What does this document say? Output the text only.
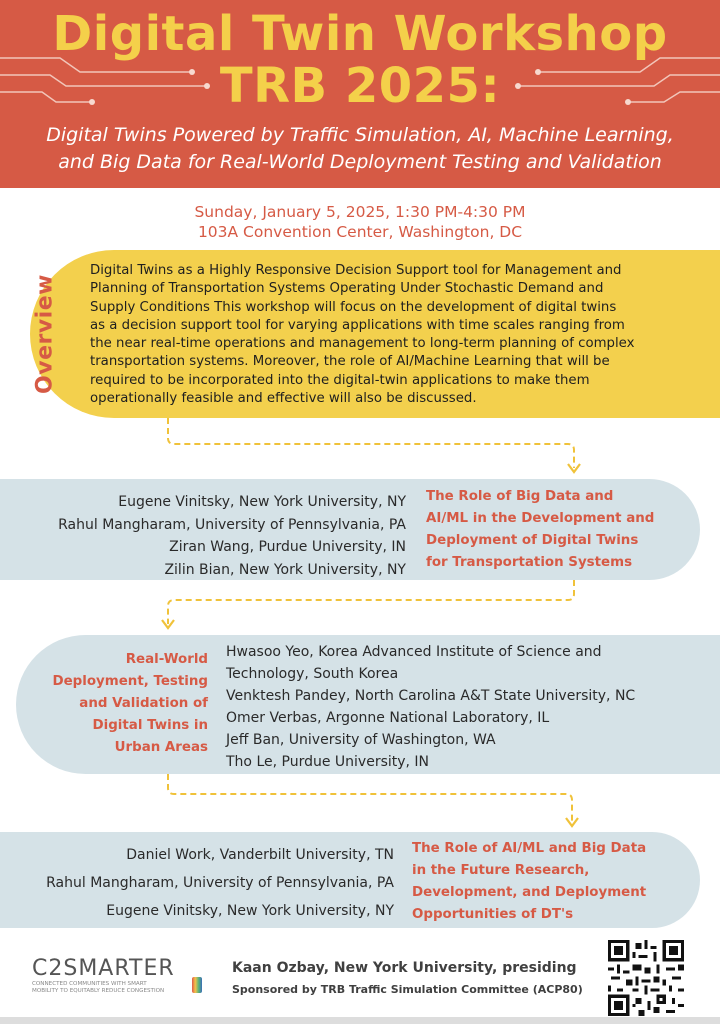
Digital Twin Workshop
TRB 2025:
Digital Twins Powered by Traffic Simulation, AI, Machine Learning,
and Big Data for Real-World Deployment Testing and Validation
Sunday, January 5, 2025, 1:30 PM-4:30 PM
103A Convention Center, Washington, DC
Overview
Digital Twins as a Highly Responsive Decision Support tool for Management and
Planning of Transportation Systems Operating Under Stochastic Demand and
Supply Conditions This workshop will focus on the development of digital twins
as a decision support tool for varying applications with time scales ranging from
the near real-time operations and management to long-term planning of complex
transportation systems. Moreover, the role of AI/Machine Learning that will be
required to be incorporated into the digital-twin applications to make them
operationally feasible and effective will also be discussed.
Eugene Vinitsky, New York University, NY
Rahul Mangharam, University of Pennsylvania, PA
Ziran Wang, Purdue University, IN
Zilin Bian, New York University, NY
The Role of Big Data and
AI/ML in the Development and
Deployment of Digital Twins
for Transportation Systems
Real-World
Deployment, Testing
and Validation of
Digital Twins in
Urban Areas
Hwasoo Yeo, Korea Advanced Institute of Science and
Technology, South Korea
Venktesh Pandey, North Carolina A&T State University, NC
Omer Verbas, Argonne National Laboratory, IL
Jeff Ban, University of Washington, WA
Tho Le, Purdue University, IN
Daniel Work, Vanderbilt University, TN
Rahul Mangharam, University of Pennsylvania, PA
Eugene Vinitsky, New York University, NY
The Role of AI/ML and Big Data
in the Future Research,
Development, and Deployment
Opportunities of DT's
C2SMARTER
CONNECTED COMMUNITIES WITH SMART
MOBILITY TO EQUITABLY REDUCE CONGESTION
Kaan Ozbay, New York University, presiding
Sponsored by TRB Traffic Simulation Committee (ACP80)
